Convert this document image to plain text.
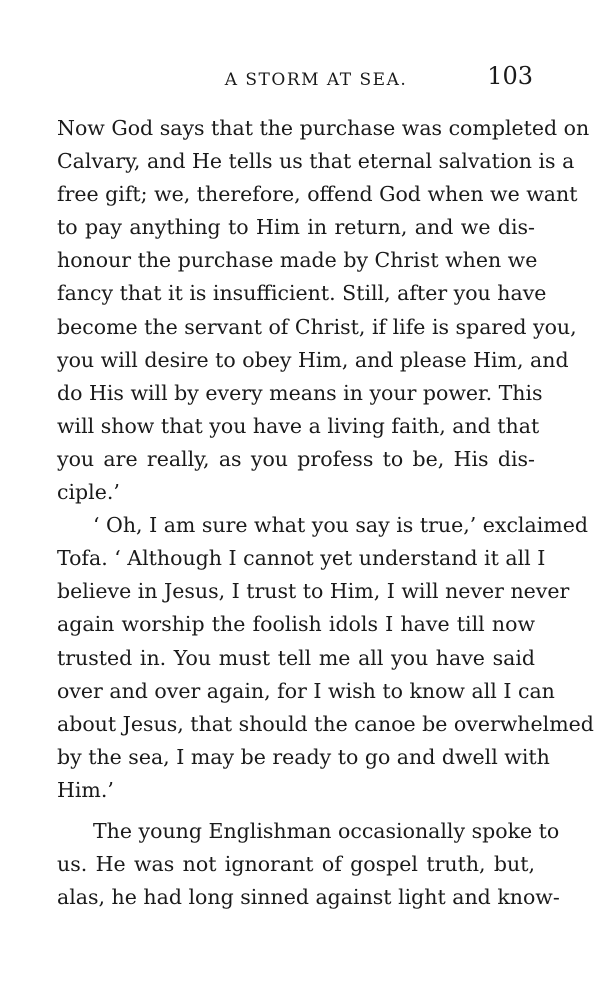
A STORM AT SEA.	103
Now God says that the purchase was completed on
Calvary, and He tells us that eternal salvation is a
free gift; we, therefore, offend God when we want
to pay anything to Him in return, and we dis-
honour the purchase made by Christ when we
fancy that it is insufficient. Still, after you have
become the servant of Christ, if life is spared you,
you will desire to obey Him, and please Him, and
do His will by every means in your power. This
will show that you have a living faith, and that
you are really, as you profess to be, His dis-
ciple.’
‘ Oh, I am sure what you say is true,’ exclaimed
Tofa. ‘ Although I cannot yet understand it all I
believe in Jesus, I trust to Him, I will never never
again worship the foolish idols I have till now
trusted in. You must tell me all you have said
over and over again, for I wish to know all I can
about Jesus, that should the canoe be overwhelmed
by the sea, I may be ready to go and dwell with
Him.’
The young Englishman occasionally spoke to
us. He was not ignorant of gospel truth, but,
alas, he had long sinned against light and know-
